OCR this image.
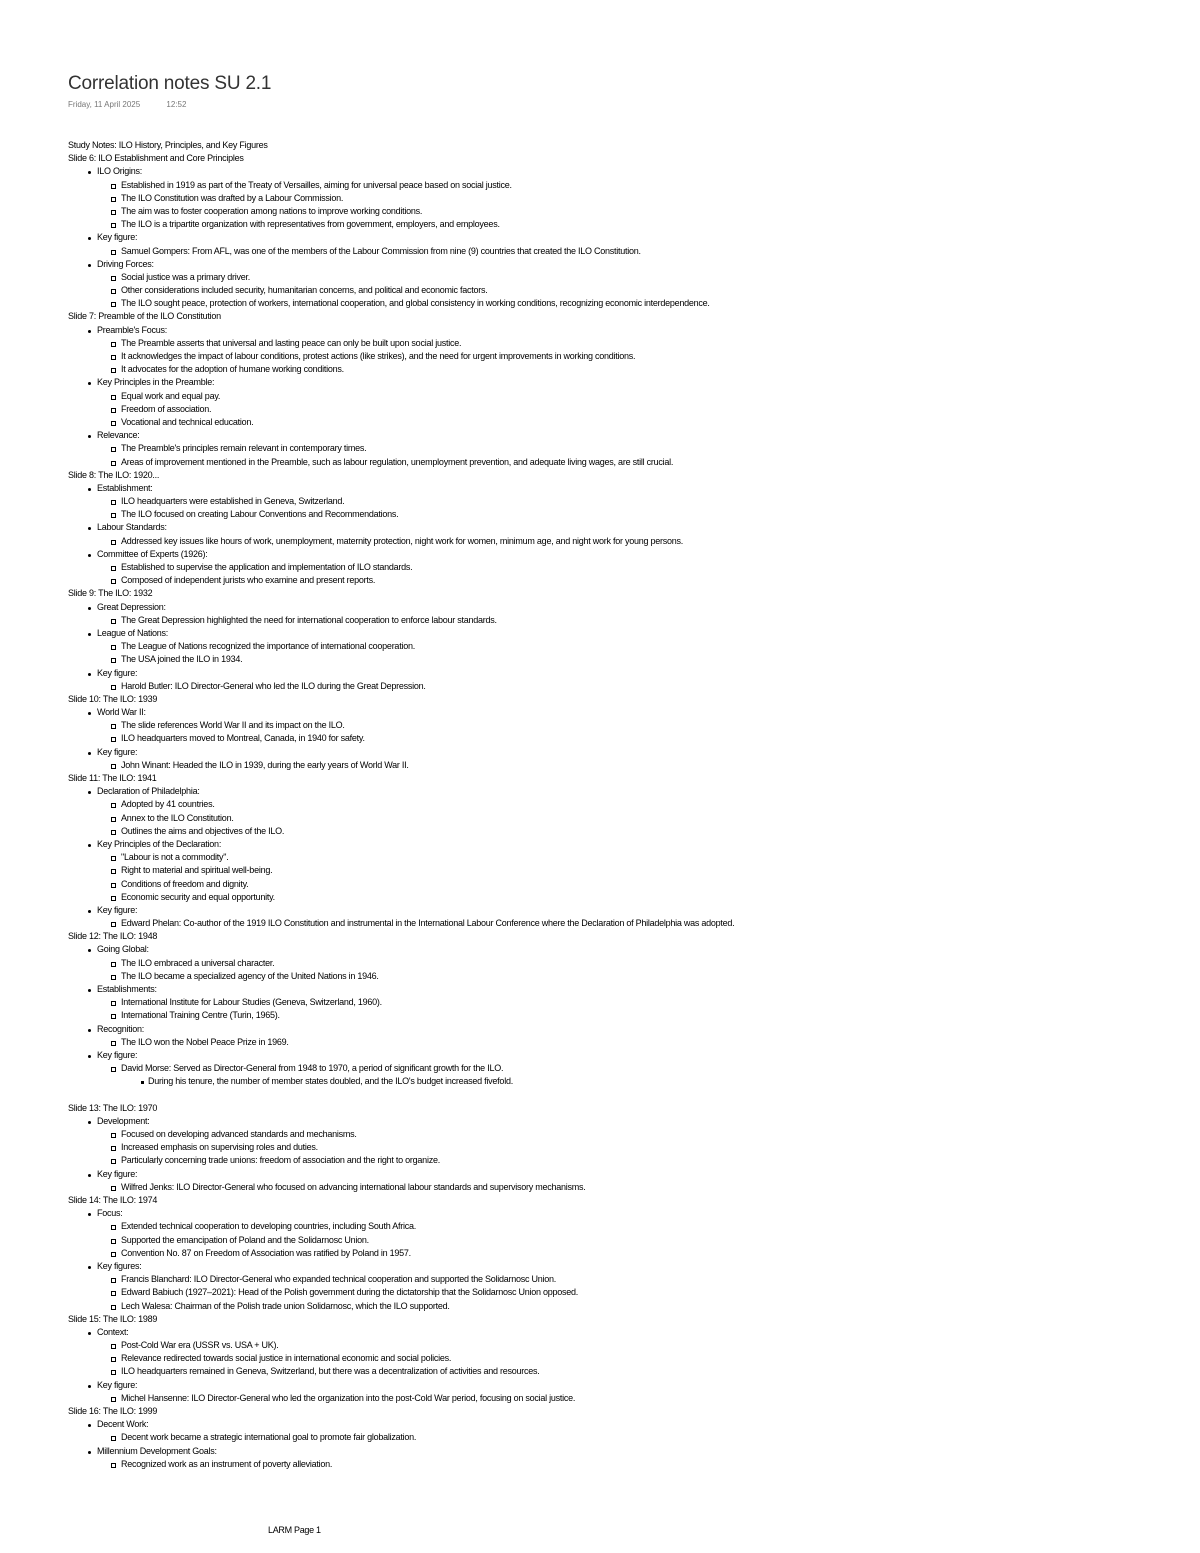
Correlation notes SU 2.1
Friday, 11 April 2025	12:52
Study Notes: ILO History, Principles, and Key Figures
Slide 6: ILO Establishment and Core Principles
ILO Origins:
Established in 1919 as part of the Treaty of Versailles, aiming for universal peace based on social justice.
The ILO Constitution was drafted by a Labour Commission.
The aim was to foster cooperation among nations to improve working conditions.
The ILO is a tripartite organization with representatives from government, employers, and employees.
Key figure:
Samuel Gompers: From AFL, was one of the members of the Labour Commission from nine (9) countries that created the ILO Constitution.
Driving Forces:
Social justice was a primary driver.
Other considerations included security, humanitarian concerns, and political and economic factors.
The ILO sought peace, protection of workers, international cooperation, and global consistency in working conditions, recognizing economic interdependence.
Slide 7: Preamble of the ILO Constitution
Preamble's Focus:
The Preamble asserts that universal and lasting peace can only be built upon social justice.
It acknowledges the impact of labour conditions, protest actions (like strikes), and the need for urgent improvements in working conditions.
It advocates for the adoption of humane working conditions.
Key Principles in the Preamble:
Equal work and equal pay.
Freedom of association.
Vocational and technical education.
Relevance:
The Preamble's principles remain relevant in contemporary times.
Areas of improvement mentioned in the Preamble, such as labour regulation, unemployment prevention, and adequate living wages, are still crucial.
Slide 8: The ILO: 1920...
Establishment:
ILO headquarters were established in Geneva, Switzerland.
The ILO focused on creating Labour Conventions and Recommendations.
Labour Standards:
Addressed key issues like hours of work, unemployment, maternity protection, night work for women, minimum age, and night work for young persons.
Committee of Experts (1926):
Established to supervise the application and implementation of ILO standards.
Composed of independent jurists who examine and present reports.
Slide 9: The ILO: 1932
Great Depression:
The Great Depression highlighted the need for international cooperation to enforce labour standards.
League of Nations:
The League of Nations recognized the importance of international cooperation.
The USA joined the ILO in 1934.
Key figure:
Harold Butler: ILO Director-General who led the ILO during the Great Depression.
Slide 10: The ILO: 1939
World War II:
The slide references World War II and its impact on the ILO.
ILO headquarters moved to Montreal, Canada, in 1940 for safety.
Key figure:
John Winant: Headed the ILO in 1939, during the early years of World War II.
Slide 11: The ILO: 1941
Declaration of Philadelphia:
Adopted by 41 countries.
Annex to the ILO Constitution.
Outlines the aims and objectives of the ILO.
Key Principles of the Declaration:
"Labour is not a commodity".
Right to material and spiritual well-being.
Conditions of freedom and dignity.
Economic security and equal opportunity.
Key figure:
Edward Phelan: Co-author of the 1919 ILO Constitution and instrumental in the International Labour Conference where the Declaration of Philadelphia was adopted.
Slide 12: The ILO: 1948
Going Global:
The ILO embraced a universal character.
The ILO became a specialized agency of the United Nations in 1946.
Establishments:
International Institute for Labour Studies (Geneva, Switzerland, 1960).
International Training Centre (Turin, 1965).
Recognition:
The ILO won the Nobel Peace Prize in 1969.
Key figure:
David Morse: Served as Director-General from 1948 to 1970, a period of significant growth for the ILO.
During his tenure, the number of member states doubled, and the ILO's budget increased fivefold.
Slide 13: The ILO: 1970
Development:
Focused on developing advanced standards and mechanisms.
Increased emphasis on supervising roles and duties.
Particularly concerning trade unions: freedom of association and the right to organize.
Key figure:
Wilfred Jenks: ILO Director-General who focused on advancing international labour standards and supervisory mechanisms.
Slide 14: The ILO: 1974
Focus:
Extended technical cooperation to developing countries, including South Africa.
Supported the emancipation of Poland and the Solidarnosc Union.
Convention No. 87 on Freedom of Association was ratified by Poland in 1957.
Key figures:
Francis Blanchard: ILO Director-General who expanded technical cooperation and supported the Solidarnosc Union.
Edward Babiuch (1927–2021): Head of the Polish government during the dictatorship that the Solidarnosc Union opposed.
Lech Walesa: Chairman of the Polish trade union Solidarnosc, which the ILO supported.
Slide 15: The ILO: 1989
Context:
Post-Cold War era (USSR vs. USA + UK).
Relevance redirected towards social justice in international economic and social policies.
ILO headquarters remained in Geneva, Switzerland, but there was a decentralization of activities and resources.
Key figure:
Michel Hansenne: ILO Director-General who led the organization into the post-Cold War period, focusing on social justice.
Slide 16: The ILO: 1999
Decent Work:
Decent work became a strategic international goal to promote fair globalization.
Millennium Development Goals:
Recognized work as an instrument of poverty alleviation.
LARM Page 1
